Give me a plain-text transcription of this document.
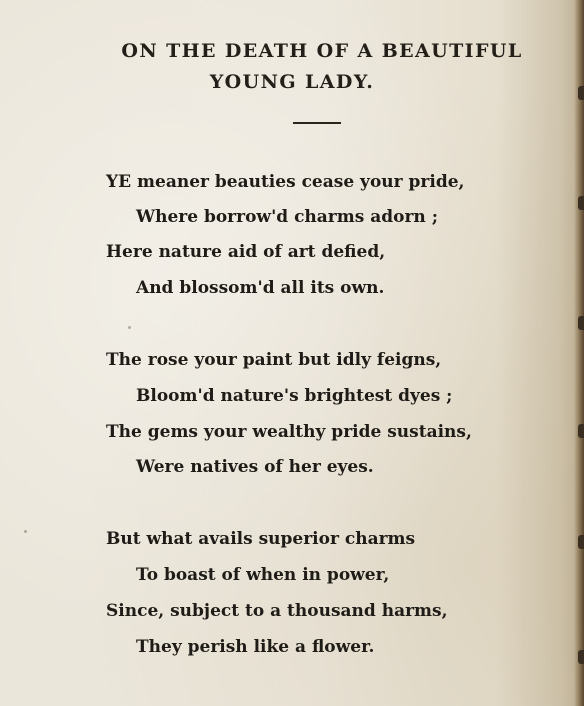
ON THE DEATH OF A BEAUTIFUL
YOUNG LADY.
YE meaner beauties cease your pride,
Where borrow'd charms adorn ;
Here nature aid of art defied,
And blossom'd all its own.
The rose your paint but idly feigns,
Bloom'd nature's brightest dyes ;
The gems your wealthy pride sustains,
Were natives of her eyes.
But what avails superior charms
To boast of when in power,
Since, subject to a thousand harms,
They perish like a flower.
